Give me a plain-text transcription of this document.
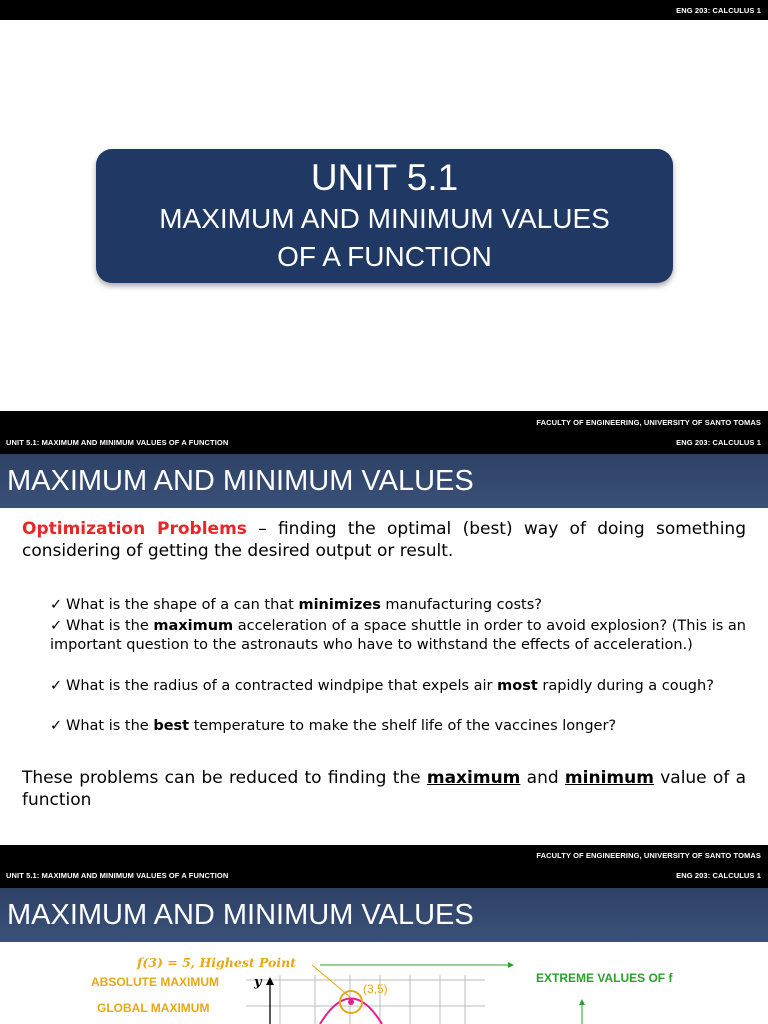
ENG 203: CALCULUS 1
UNIT 5.1
MAXIMUM AND MINIMUM VALUES
OF A FUNCTION
FACULTY OF ENGINEERING, UNIVERSITY OF SANTO TOMAS
UNIT 5.1: MAXIMUM AND MINIMUM VALUES OF A FUNCTION	ENG 203: CALCULUS 1
MAXIMUM AND MINIMUM VALUES
Optimization Problems – finding the optimal (best) way of doing something considering of getting the desired output or result.
✓ What is the shape of a can that minimizes manufacturing costs?
✓ What is the maximum acceleration of a space shuttle in order to avoid explosion? (This is an important question to the astronauts who have to withstand the effects of acceleration.)
✓ What is the radius of a contracted windpipe that expels air most rapidly during a cough?
✓ What is the best temperature to make the shelf life of the vaccines longer?
These problems can be reduced to finding the maximum and minimum value of a function
FACULTY OF ENGINEERING, UNIVERSITY OF SANTO TOMAS
UNIT 5.1: MAXIMUM AND MINIMUM VALUES OF A FUNCTION	ENG 203: CALCULUS 1
MAXIMUM AND MINIMUM VALUES
f(3) = 5, Highest Point
ABSOLUTE MAXIMUM
GLOBAL MAXIMUM
EXTREME VALUES OF f
y	(3,5)
